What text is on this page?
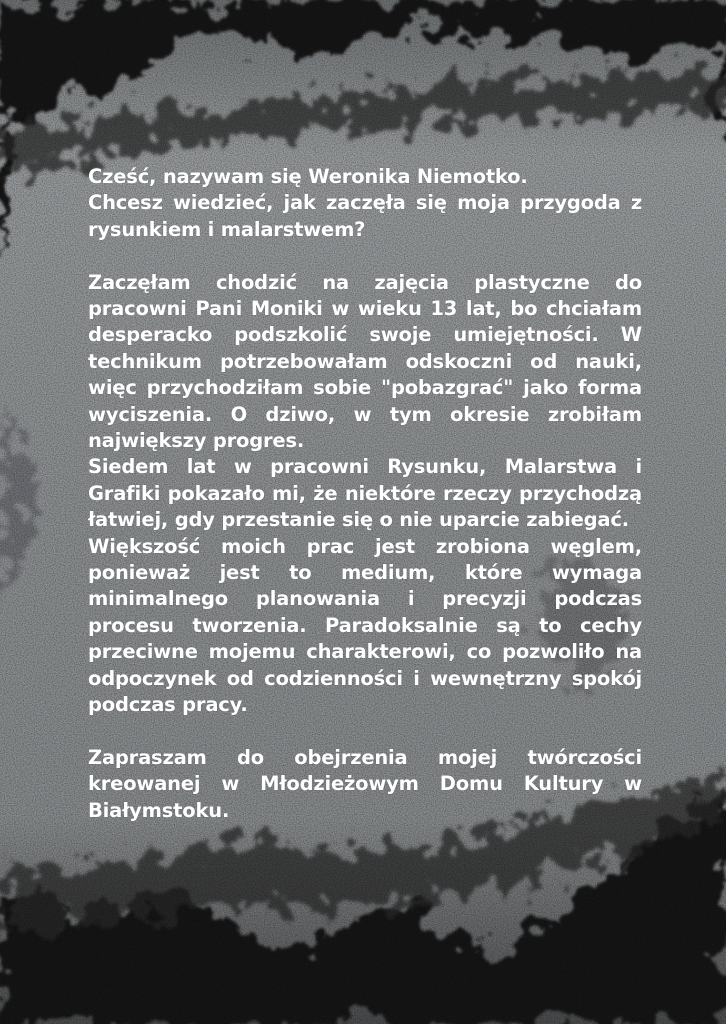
Cześć, nazywam się Weronika Niemotko.
Chcesz wiedzieć, jak zaczęła się moja przygoda z rysunkiem i malarstwem?

Zaczęłam chodzić na zajęcia plastyczne do pracowni Pani Moniki w wieku 13 lat, bo chciałam desperacko podszkolić swoje umiejętności. W technikum potrzebowałam odskoczni od nauki, więc przychodziłam sobie "pobazgrać" jako forma wyciszenia. O dziwo, w tym okresie zrobiłam największy progres.

Siedem lat w pracowni Rysunku, Malarstwa i Grafiki pokazało mi, że niektóre rzeczy przychodzą łatwiej, gdy przestanie się o nie uparcie zabiegać.

Większość moich prac jest zrobiona węglem, ponieważ jest to medium, które wymaga minimalnego planowania i precyzji podczas procesu tworzenia. Paradoksalnie są to cechy przeciwne mojemu charakterowi, co pozwoliło na odpoczynek od codzienności i wewnętrzny spokój podczas pracy.

Zapraszam do obejrzenia mojej twórczości kreowanej w Młodzieżowym Domu Kultury w Białymstoku.
